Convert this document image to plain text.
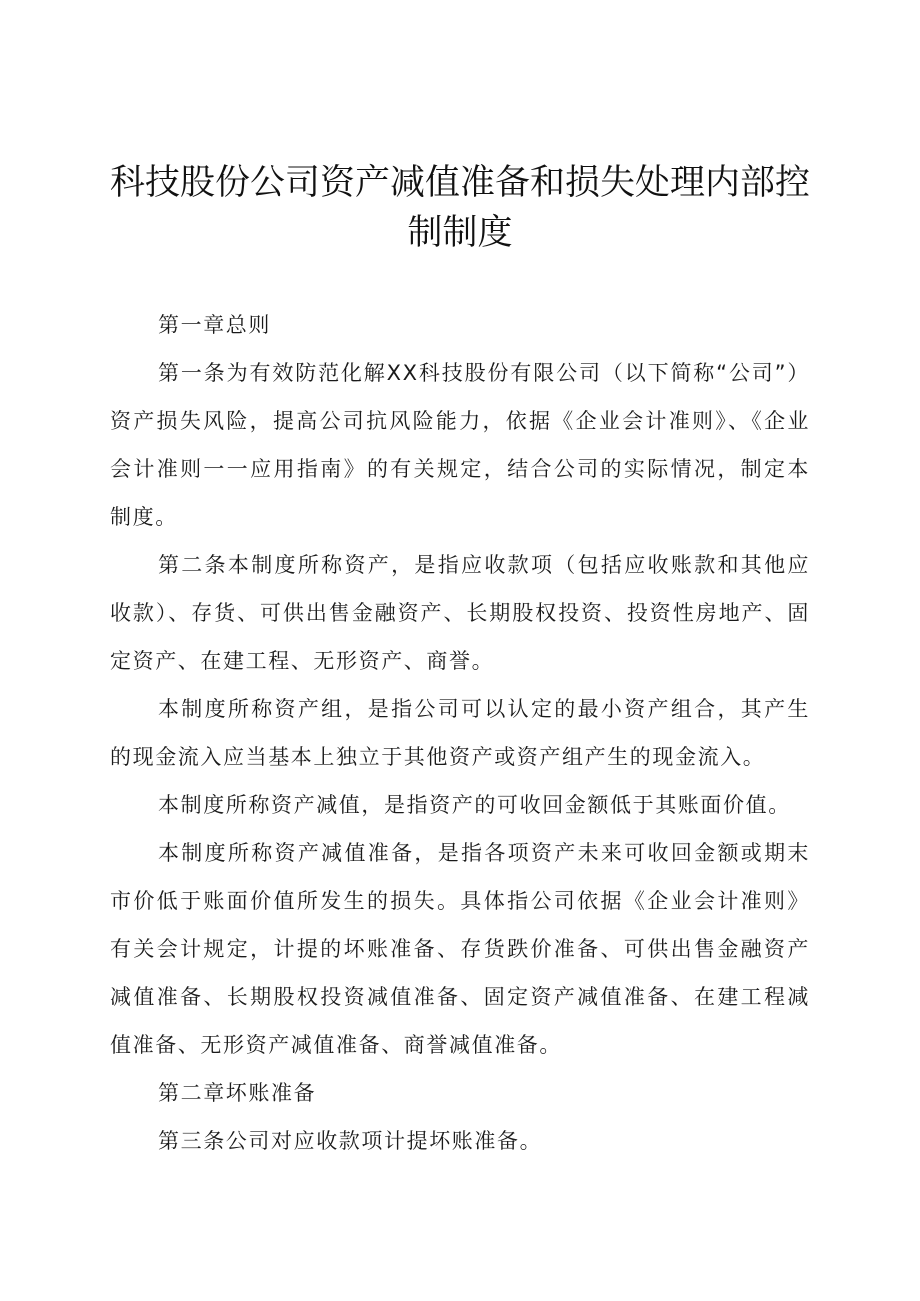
科技股份公司资产减值准备和损失处理内部控
制制度

第一章总则

第一条为有效防范化解XX科技股份有限公司（以下简称“公司”）资产损失风险，提高公司抗风险能力，依据《企业会计准则》、《企业会计准则一一应用指南》的有关规定，结合公司的实际情况，制定本制度。

第二条本制度所称资产，是指应收款项（包括应收账款和其他应收款）、存货、可供出售金融资产、长期股权投资、投资性房地产、固定资产、在建工程、无形资产、商誉。

本制度所称资产组，是指公司可以认定的最小资产组合，其产生的现金流入应当基本上独立于其他资产或资产组产生的现金流入。

本制度所称资产减值，是指资产的可收回金额低于其账面价值。

本制度所称资产减值准备，是指各项资产未来可收回金额或期末市价低于账面价值所发生的损失。具体指公司依据《企业会计准则》有关会计规定，计提的坏账准备、存货跌价准备、可供出售金融资产减值准备、长期股权投资减值准备、固定资产减值准备、在建工程减值准备、无形资产减值准备、商誉减值准备。

第二章坏账准备

第三条公司对应收款项计提坏账准备。
